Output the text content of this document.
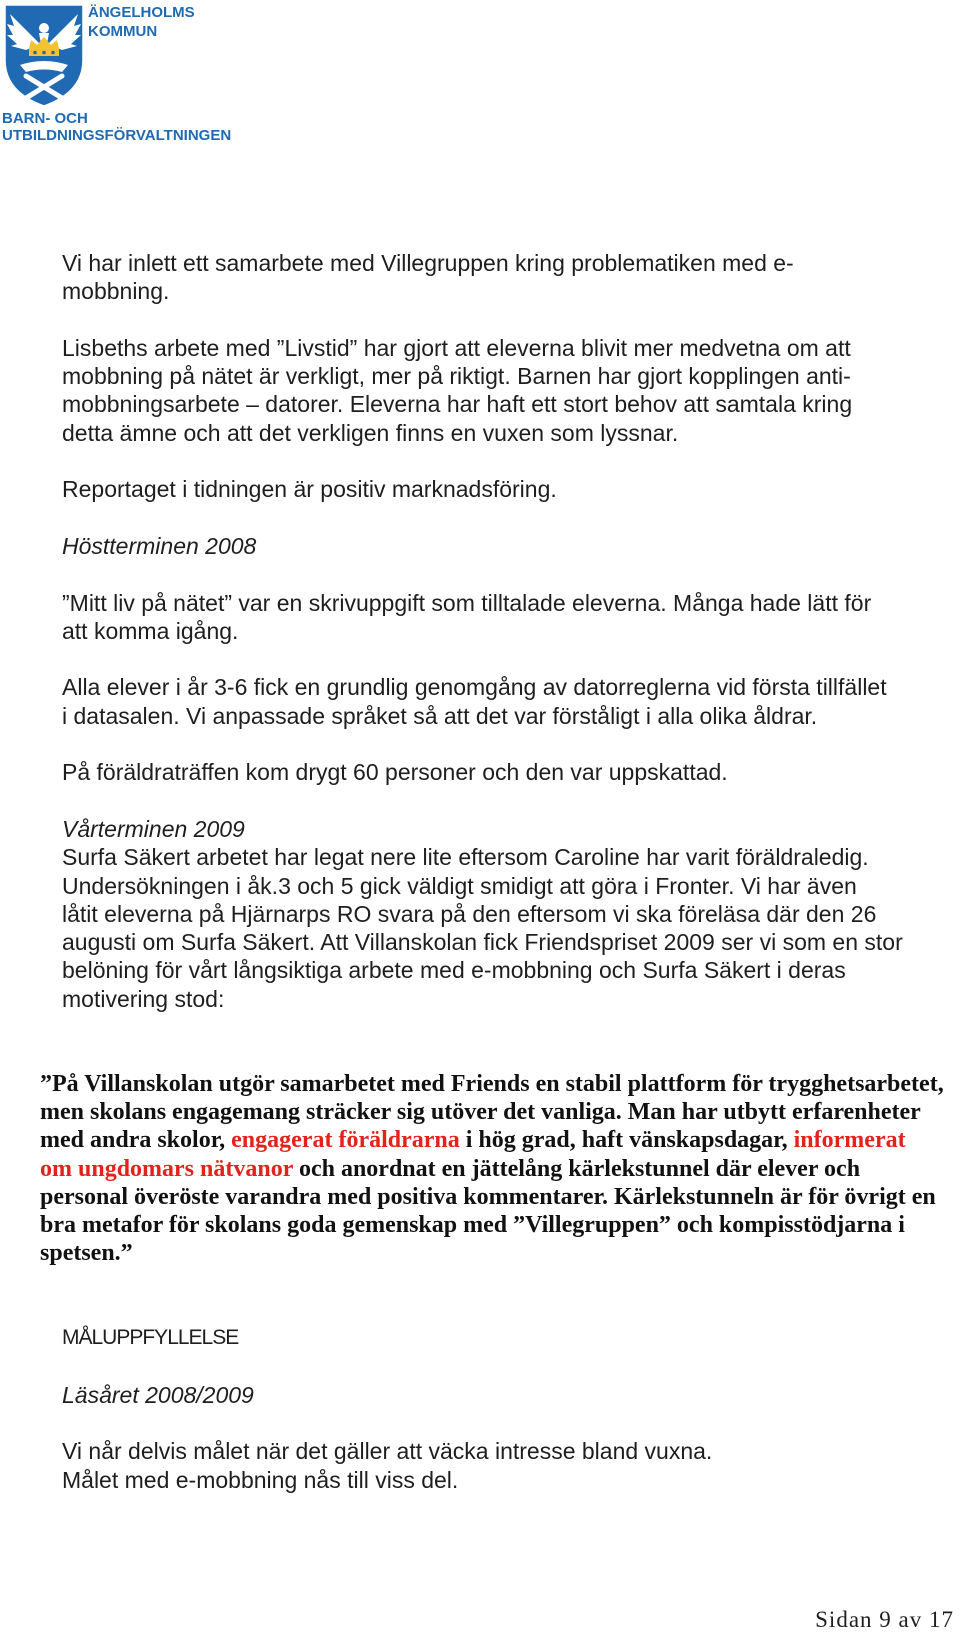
ÄNGELHOLMS
KOMMUN
BARN- OCH
UTBILDNINGSFÖRVALTNINGEN
Vi har inlett ett samarbete med Villegruppen kring problematiken med e-
mobbning.
Lisbeths arbete med ”Livstid” har gjort att eleverna blivit mer medvetna om att
mobbning på nätet är verkligt, mer på riktigt. Barnen har gjort kopplingen anti-
mobbningsarbete – datorer. Eleverna har haft ett stort behov att samtala kring
detta ämne och att det verkligen finns en vuxen som lyssnar.
Reportaget i tidningen är positiv marknadsföring.
Höstterminen 2008
”Mitt liv på nätet” var en skrivuppgift som tilltalade eleverna. Många hade lätt för
att komma igång.
Alla elever i år 3-6 fick en grundlig genomgång av datorreglerna vid första tillfället
i datasalen. Vi anpassade språket så att det var förståligt i alla olika åldrar.
På föräldraträffen kom drygt 60 personer och den var uppskattad.
Vårterminen 2009
Surfa Säkert arbetet har legat nere lite eftersom Caroline har varit föräldraledig.
Undersökningen i åk.3 och 5 gick väldigt smidigt att göra i Fronter. Vi har även
låtit eleverna på Hjärnarps RO svara på den eftersom vi ska föreläsa där den 26
augusti om Surfa Säkert. Att Villanskolan fick Friendspriset 2009 ser vi som en stor
belöning för vårt långsiktiga arbete med e-mobbning och Surfa Säkert i deras
motivering stod:

”På Villanskolan utgör samarbetet med Friends en stabil plattform för trygghetsarbetet,

men skolans engagemang sträcker sig utöver det vanliga. Man har utbytt erfarenheter

med andra skolor, engagerat föräldrarna i hög grad, haft vänskapsdagar, informerat

om ungdomars nätvanor och anordnat en jättelång kärlekstunnel där elever och

personal överöste varandra med positiva kommentarer. Kärlekstunneln är för övrigt en

bra metafor för skolans goda gemenskap med ”Villegruppen” och kompisstödjarna i

spetsen.”

MÅLUPPFYLLELSE
Läsåret 2008/2009
Vi når delvis målet när det gäller att väcka intresse bland vuxna.
Målet med e-mobbning nås till viss del.
Sidan 9 av 17
